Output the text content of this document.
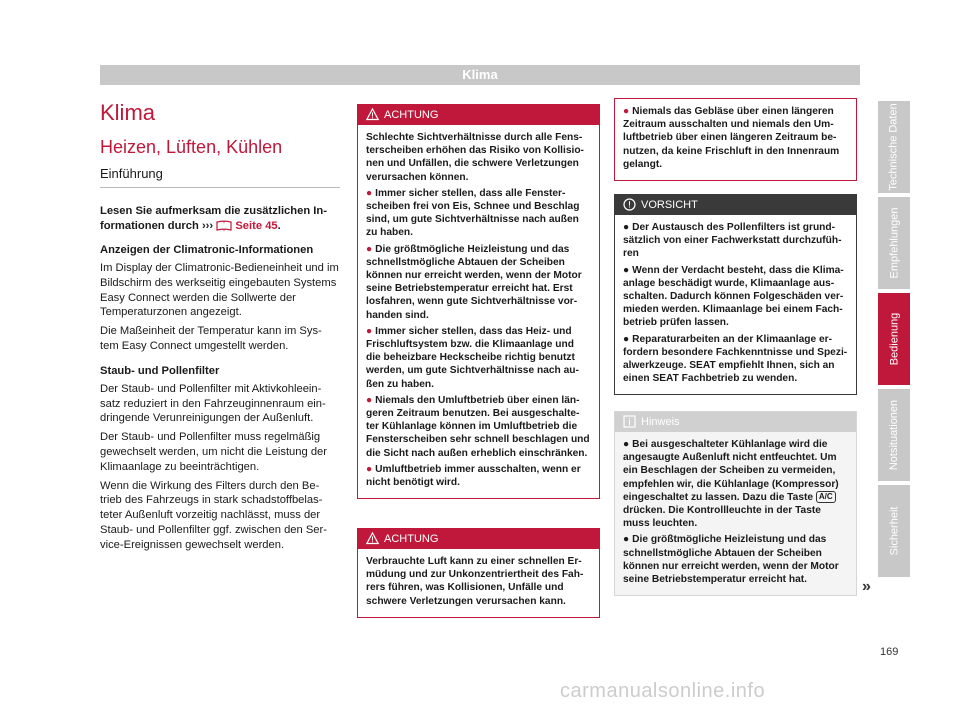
Klima
Klima
Heizen, Lüften, Kühlen
Einführung
Lesen Sie aufmerksam die zusätzlichen In-formationen durch ››› Seite 45.
Anzeigen der Climatronic-Informationen

Im Display der Climatronic-Bedieneinheit und im Bildschirm des werkseitig eingebauten Systems Easy Connect werden die Sollwerte der Temperaturzonen angezeigt.

Die Maßeinheit der Temperatur kann im Sys-tem Easy Connect umgestellt werden.

Staub- und Pollenfilter

Der Staub- und Pollenfilter mit Aktivkohleein-satz reduziert in den Fahrzeuginnenraum ein-dringende Verunreinigungen der Außenluft.

Der Staub- und Pollenfilter muss regelmäßig gewechselt werden, um nicht die Leistung der Klimaanlage zu beeinträchtigen.

Wenn die Wirkung des Filters durch den Be-trieb des Fahrzeugs in stark schadstoffbelas-teter Außenluft vorzeitig nachlässt, muss der Staub- und Pollenfilter ggf. zwischen den Ser-vice-Ereignissen gewechselt werden.

ACHTUNG

Schlechte Sichtverhältnisse durch alle Fens-terscheiben erhöhen das Risiko von Kollisio-nen und Unfällen, die schwere Verletzungen verursachen können.

● Immer sicher stellen, dass alle Fenster-scheiben frei von Eis, Schnee und Beschlag sind, um gute Sichtverhältnisse nach außen zu haben.

● Die größtmögliche Heizleistung und das schnellstmögliche Abtauen der Scheiben können nur erreicht werden, wenn der Motor seine Betriebstemperatur erreicht hat. Erst losfahren, wenn gute Sichtverhältnisse vor-handen sind.

● Immer sicher stellen, dass das Heiz- und Frischluftsystem bzw. die Klimaanlage und die beheizbare Heckscheibe richtig benutzt werden, um gute Sichtverhältnisse nach au-ßen zu haben.

● Niemals den Umluftbetrieb über einen län-geren Zeitraum benutzen. Bei ausgeschalte-ter Kühlanlage können im Umluftbetrieb die Fensterscheiben sehr schnell beschlagen und die Sicht nach außen erheblich einschränken.

● Umluftbetrieb immer ausschalten, wenn er nicht benötigt wird.

ACHTUNG

Verbrauchte Luft kann zu einer schnellen Er-müdung und zur Unkonzentriertheit des Fah-rers führen, was Kollisionen, Unfälle und schwere Verletzungen verursachen kann.

● Niemals das Gebläse über einen längeren Zeitraum ausschalten und niemals den Um-luftbetrieb über einen längeren Zeitraum be-nutzen, da keine Frischluft in den Innenraum gelangt.

VORSICHT

● Der Austausch des Pollenfilters ist grund-sätzlich von einer Fachwerkstatt durchzufüh-ren

● Wenn der Verdacht besteht, dass die Klima-anlage beschädigt wurde, Klimaanlage aus-schalten. Dadurch können Folgeschäden ver-mieden werden. Klimaanlage bei einem Fach-betrieb prüfen lassen.

● Reparaturarbeiten an der Klimaanlage er-fordern besondere Fachkenntnisse und Spezi-alwerkzeuge. SEAT empfiehlt Ihnen, sich an einen SEAT Fachbetrieb zu wenden.

Hinweis

● Bei ausgeschalteter Kühlanlage wird die angesaugte Außenluft nicht entfeuchtet. Um ein Beschlagen der Scheiben zu vermeiden, empfehlen wir, die Kühlanlage (Kompressor) eingeschaltet zu lassen. Dazu die Taste A/C drücken. Die Kontrollleuchte in der Taste muss leuchten.

● Die größtmögliche Heizleistung und das schnellstmögliche Abtauen der Scheiben können nur erreicht werden, wenn der Motor seine Betriebstemperatur erreicht hat.	»
Technische Daten
Empfehlungen
Bedienung
Notsituationen
Sicherheit
169
carmanualsonline.info
